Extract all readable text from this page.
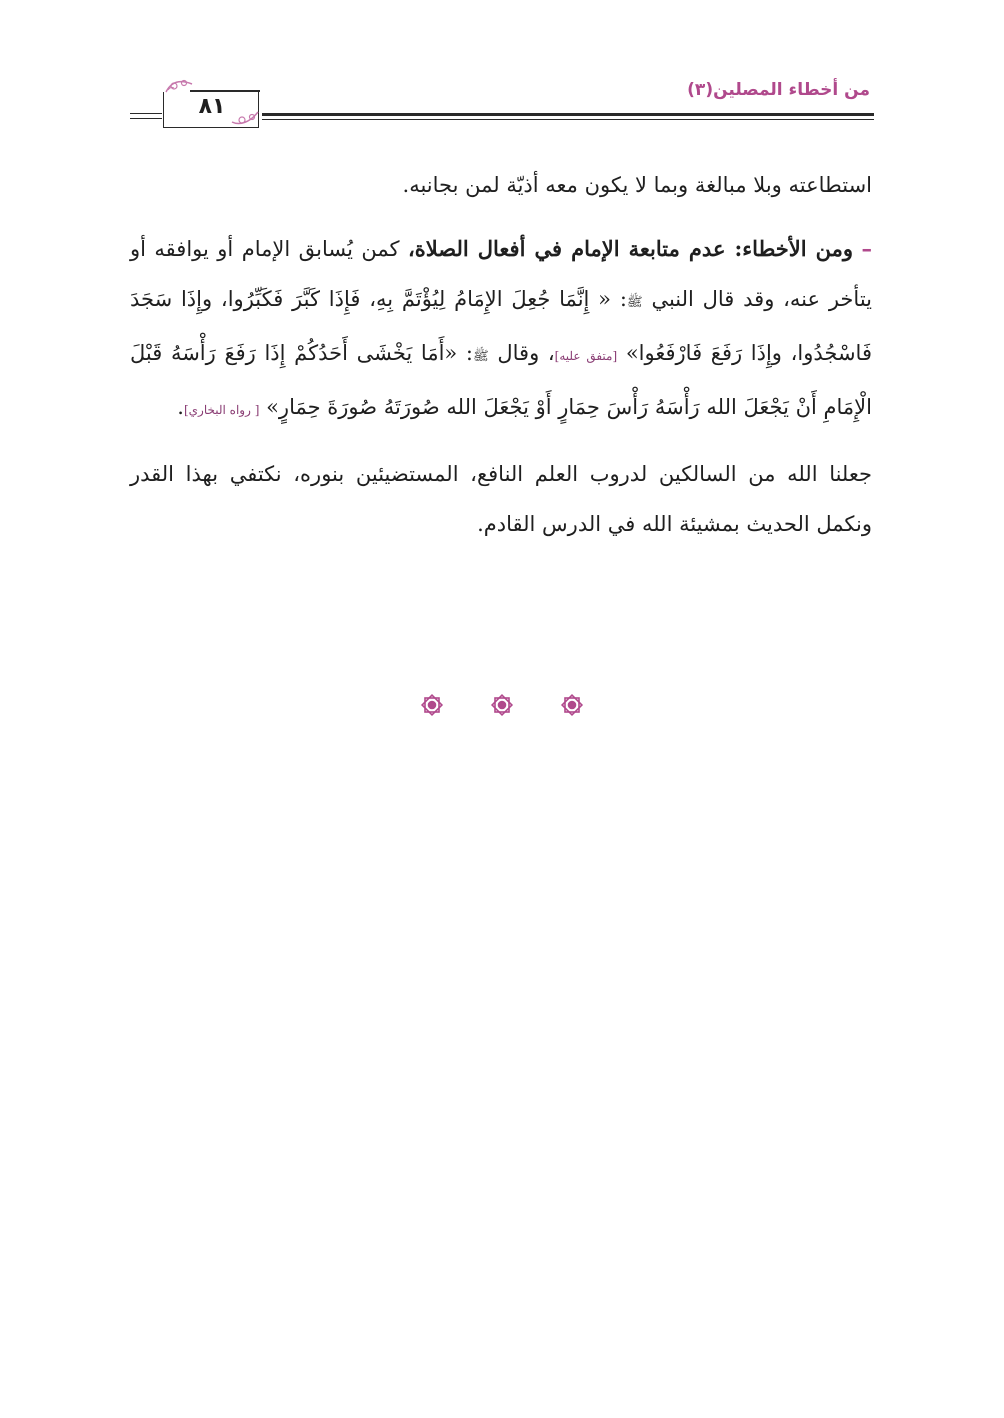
من أخطاء المصلين(٣)
٨١

استطاعته وبلا مبالغة وبما لا يكون معه أذيّة لمن بجانبه.

– ومن الأخطاء: عدم متابعة الإمام في أفعال الصلاة، كمن يُسابق الإمام أو يوافقه أو يتأخر عنه، وقد قال النبي ﷺ: « إِنَّمَا جُعِلَ الإِمَامُ لِيُؤْتَمَّ بِهِ، فَإِذَا كَبَّرَ فَكَبِّرُوا، وإِذَا سَجَدَ فَاسْجُدُوا، وإِذَا رَفَعَ فَارْفَعُوا» [متفق عليه]، وقال ﷺ: «أَمَا يَخْشَى أَحَدُكُمْ إِذَا رَفَعَ رَأْسَهُ قَبْلَ الْإِمَامِ أَنْ يَجْعَلَ الله رَأْسَهُ رَأْسَ حِمَارٍ أَوْ يَجْعَلَ الله صُورَتَهُ صُورَةَ حِمَارٍ» [ رواه البخاري].

جعلنا الله من السالكين لدروب العلم النافع، المستضيئين بنوره، نكتفي بهذا القدر ونكمل الحديث بمشيئة الله في الدرس القادم.
